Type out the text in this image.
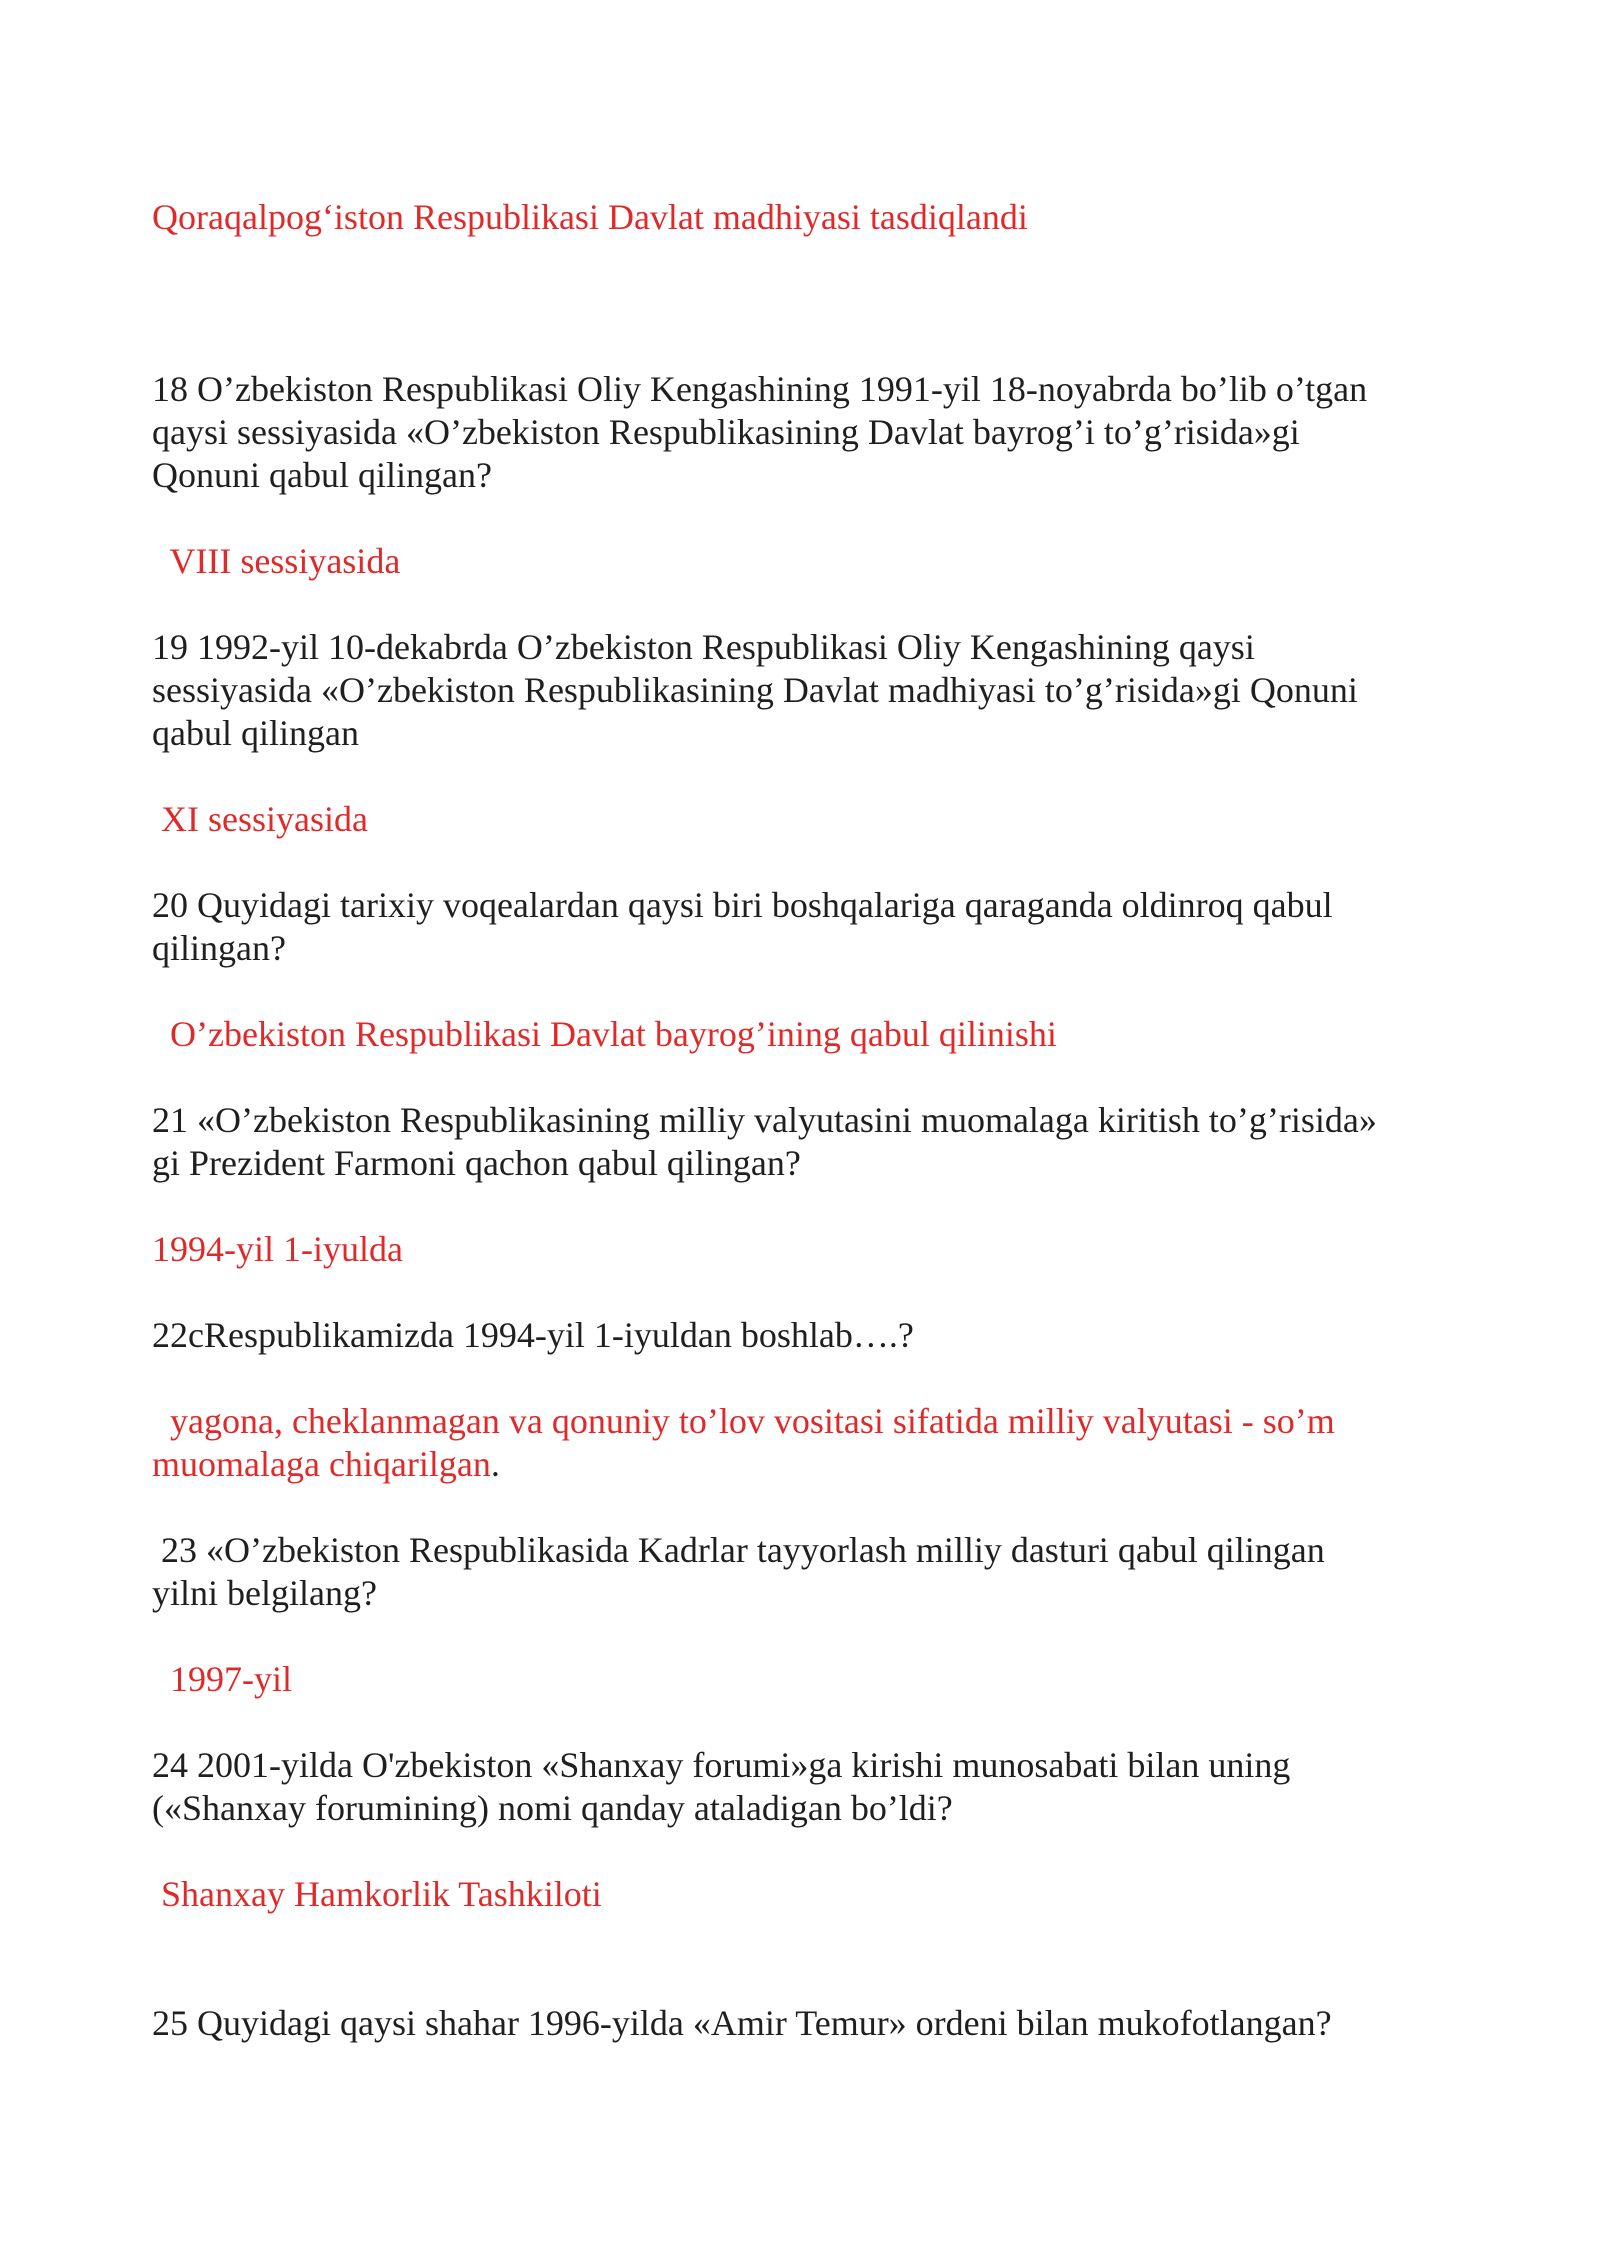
Qoraqalpog‘iston Respublikasi Davlat madhiyasi tasdiqlandi
18 O’zbekiston Respublikasi Oliy Kengashining 1991-yil 18-noyabrda bo’lib o’tgan
qaysi sessiyasida «O’zbekiston Respublikasining Davlat bayrog’i to’g’risida»gi
Qonuni qabul qilingan?
VIII sessiyasida
19 1992-yil 10-dekabrda O’zbekiston Respublikasi Oliy Kengashining qaysi
sessiyasida «O’zbekiston Respublikasining Davlat madhiyasi to’g’risida»gi Qonuni
qabul qilingan
XI sessiyasida
20 Quyidagi tarixiy voqealardan qaysi biri boshqalariga qaraganda oldinroq qabul
qilingan?
O’zbekiston Respublikasi Davlat bayrog’ining qabul qilinishi
21 «O’zbekiston Respublikasining milliy valyutasini muomalaga kiritish to’g’risida»
gi Prezident Farmoni qachon qabul qilingan?
1994-yil 1-iyulda
22cRespublikamizda 1994-yil 1-iyuldan boshlab….?
yagona, cheklanmagan va qonuniy to’lov vositasi sifatida milliy valyutasi - so’m
muomalaga chiqarilgan.
23 «O’zbekiston Respublikasida Kadrlar tayyorlash milliy dasturi qabul qilingan
yilni belgilang?
1997-yil
24 2001-yilda O'zbekiston «Shanxay forumi»ga kirishi munosabati bilan uning
(«Shanxay forumining) nomi qanday ataladigan bo’ldi?
Shanxay Hamkorlik Tashkiloti
25 Quyidagi qaysi shahar 1996-yilda «Amir Temur» ordeni bilan mukofotlangan?
